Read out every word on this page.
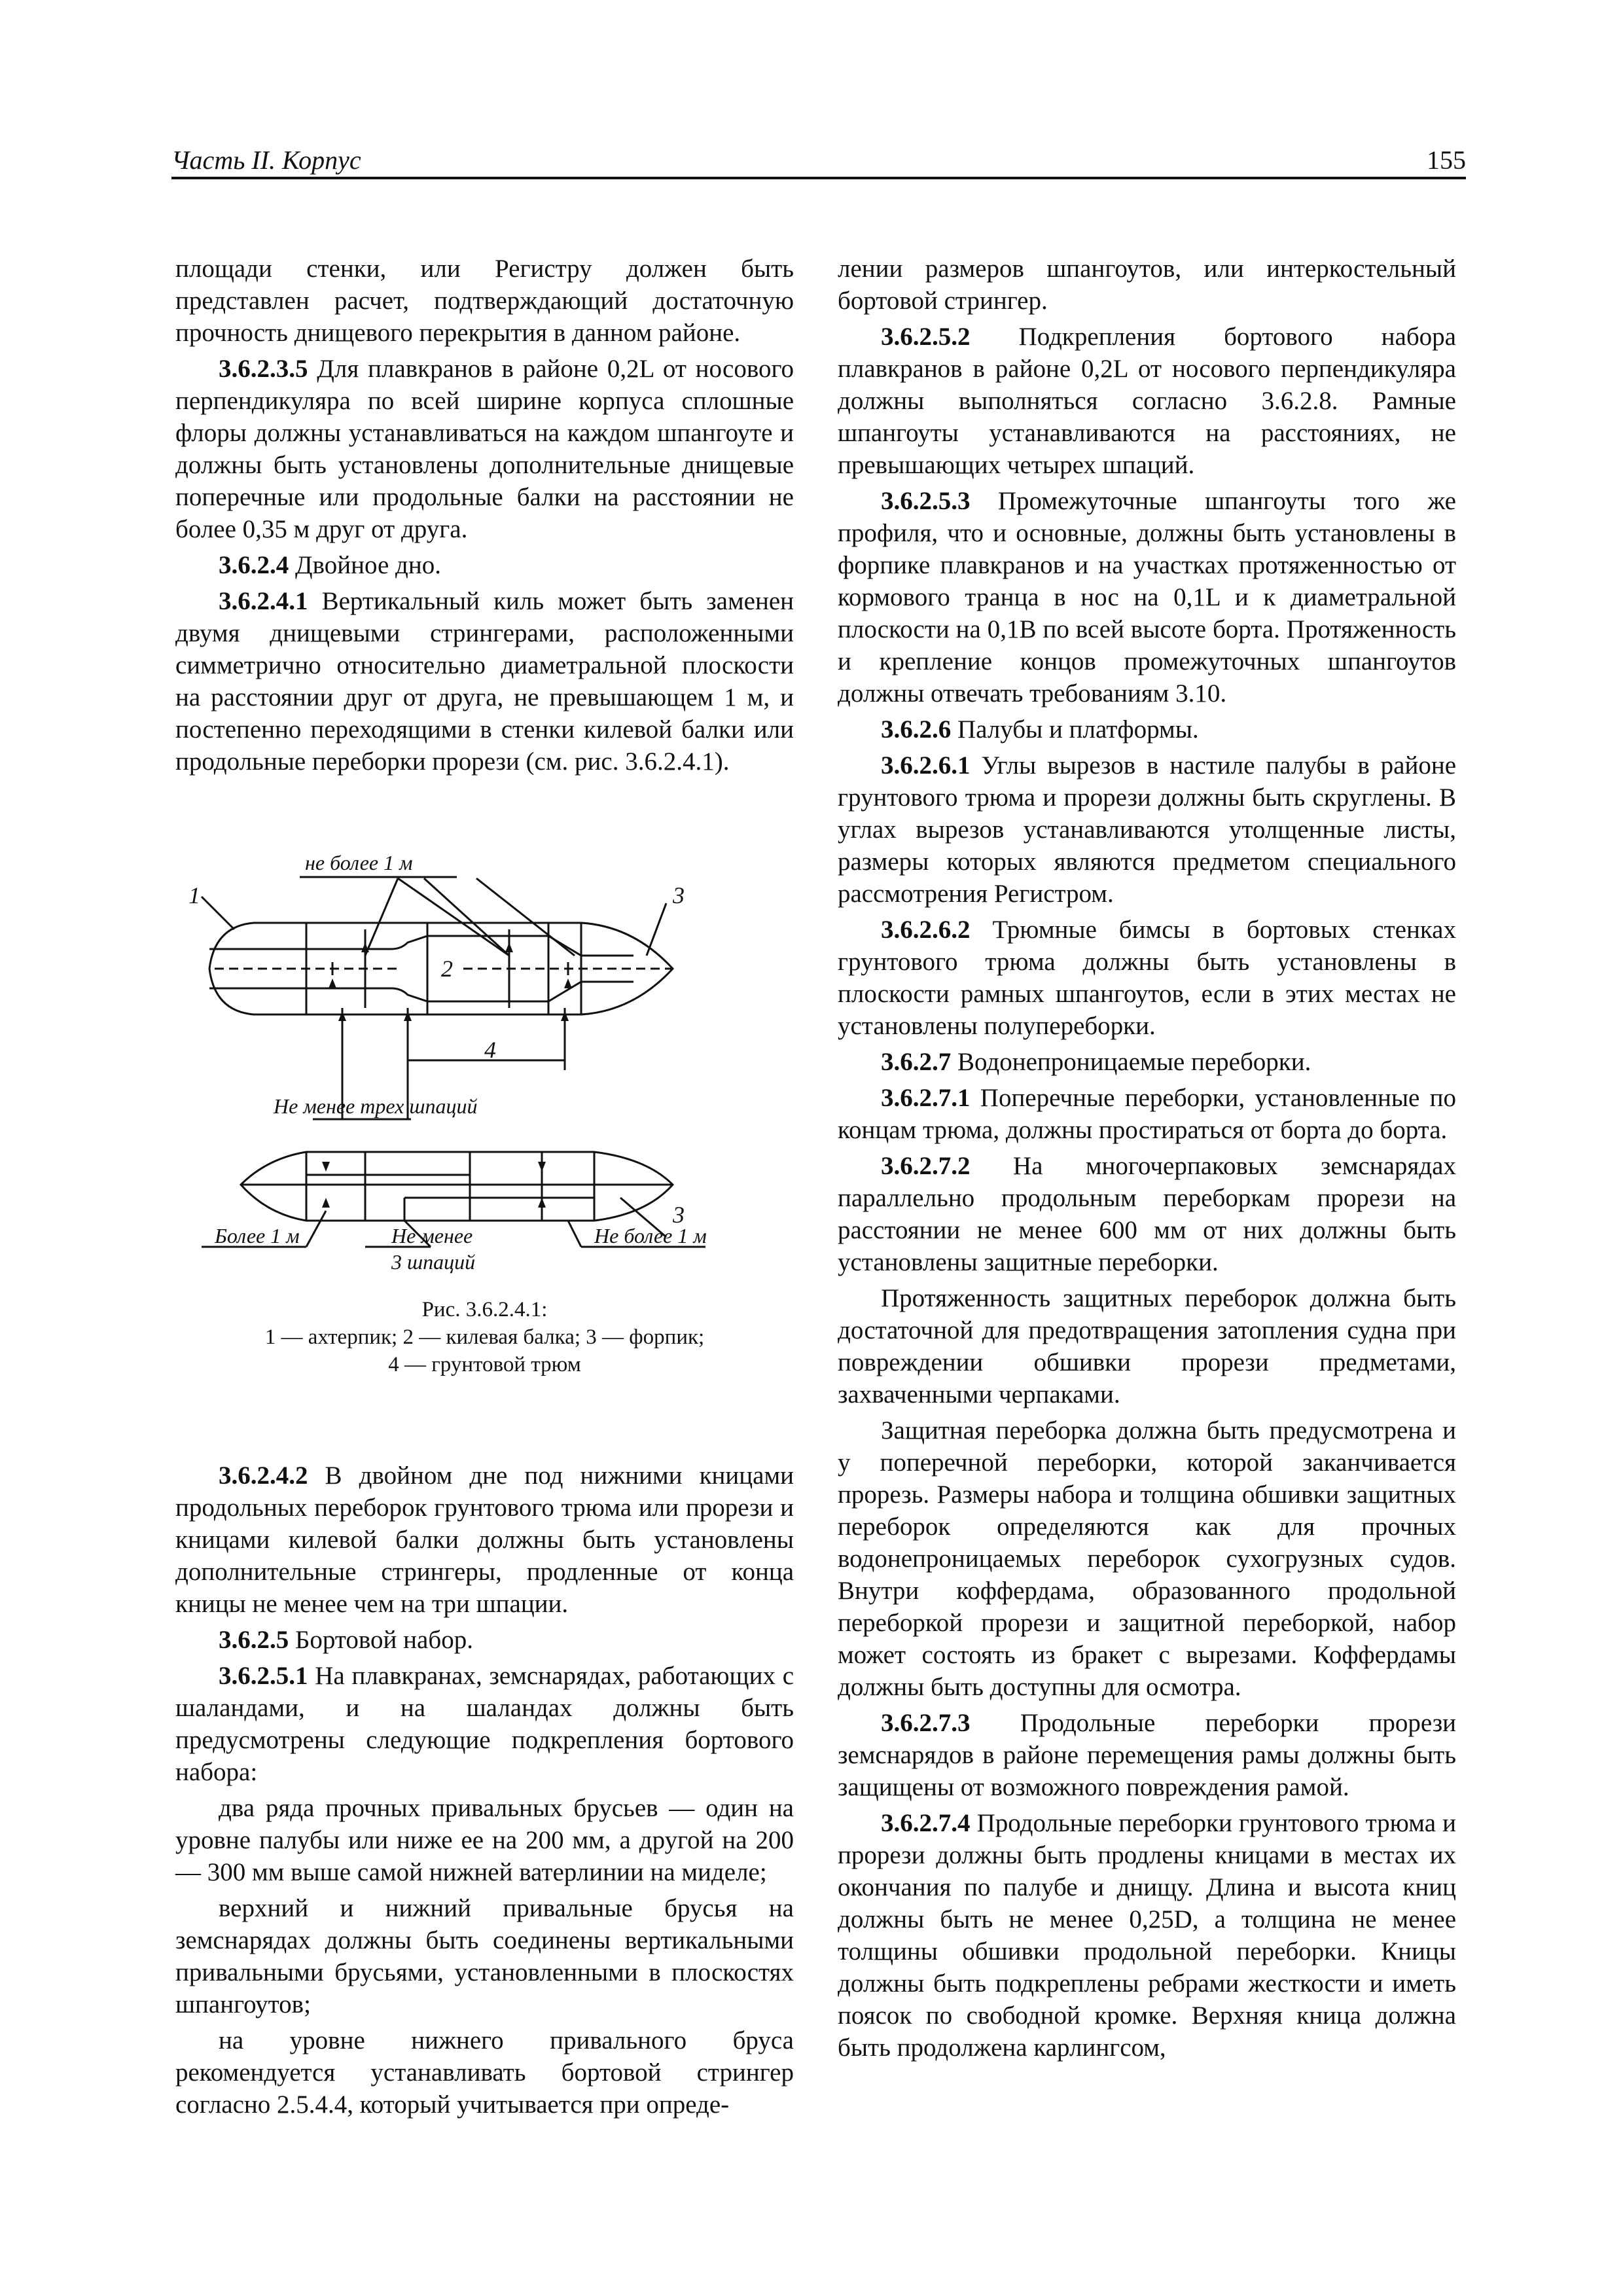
Часть II. Корпус	155

площади стенки, или Регистру должен быть представлен расчет, подтверждающий достаточную прочность днищевого перекрытия в данном районе.

3.6.2.3.5 Для плавкранов в районе 0,2L от носового перпендикуляра по всей ширине корпуса сплошные флоры должны устанавливаться на каждом шпангоуте и должны быть установлены дополнительные днищевые поперечные или продольные балки на расстоянии не более 0,35 м друг от друга.

3.6.2.4 Двойное дно.

3.6.2.4.1 Вертикальный киль может быть заменен двумя днищевыми стрингерами, расположенными симметрично относительно диаметральной плоскости на расстоянии друг от друга, не превышающем 1 м, и постепенно переходящими в стенки килевой балки или продольные переборки прорези (см. рис. 3.6.2.4.1).

не более 1 м
1	3
2
4
Не менее трех шпаций
Более 1 м	Не менее
3 шпаций
Не более 1 м
3
Рис. 3.6.2.4.1:
1 — ахтерпик; 2 — килевая балка; 3 — форпик;
4 — грунтовой трюм

3.6.2.4.2 В двойном дне под нижними кницами продольных переборок грунтового трюма или прорези и кницами килевой балки должны быть установлены дополнительные стрингеры, продленные от конца кницы не менее чем на три шпации.

3.6.2.5 Бортовой набор.

3.6.2.5.1 На плавкранах, земснарядах, работающих с шаландами, и на шаландах должны быть предусмотрены следующие подкрепления бортового набора:

два ряда прочных привальных брусьев — один на уровне палубы или ниже ее на 200 мм, а другой на 200 — 300 мм выше самой нижней ватерлинии на миделе;

верхний и нижний привальные брусья на земснарядах должны быть соединены вертикальными привальными брусьями, установленными в плоскостях шпангоутов;

на уровне нижнего привального бруса рекомендуется устанавливать бортовой стрингер согласно 2.5.4.4, который учитывается при опреде-

лении размеров шпангоутов, или интеркостельный бортовой стрингер.

3.6.2.5.2 Подкрепления бортового набора плавкранов в районе 0,2L от носового перпендикуляра должны выполняться согласно 3.6.2.8. Рамные шпангоуты устанавливаются на расстояниях, не превышающих четырех шпаций.

3.6.2.5.3 Промежуточные шпангоуты того же профиля, что и основные, должны быть установлены в форпике плавкранов и на участках протяженностью от кормового транца в нос на 0,1L и к диаметральной плоскости на 0,1B по всей высоте борта. Протяженность и крепление концов промежуточных шпангоутов должны отвечать требованиям 3.10.

3.6.2.6 Палубы и платформы.

3.6.2.6.1 Углы вырезов в настиле палубы в районе грунтового трюма и прорези должны быть скруглены. В углах вырезов устанавливаются утолщенные листы, размеры которых являются предметом специального рассмотрения Регистром.

3.6.2.6.2 Трюмные бимсы в бортовых стенках грунтового трюма должны быть установлены в плоскости рамных шпангоутов, если в этих местах не установлены полупереборки.

3.6.2.7 Водонепроницаемые переборки.

3.6.2.7.1 Поперечные переборки, установленные по концам трюма, должны простираться от борта до борта.

3.6.2.7.2 На многочерпаковых земснарядах параллельно продольным переборкам прорези на расстоянии не менее 600 мм от них должны быть установлены защитные переборки.

Протяженность защитных переборок должна быть достаточной для предотвращения затопления судна при повреждении обшивки прорези предметами, захваченными черпаками.

Защитная переборка должна быть предусмотрена и у поперечной переборки, которой заканчивается прорезь. Размеры набора и толщина обшивки защитных переборок определяются как для прочных водонепроницаемых переборок сухогрузных судов. Внутри коффердама, образованного продольной переборкой прорези и защитной переборкой, набор может состоять из бракет с вырезами. Коффердамы должны быть доступны для осмотра.

3.6.2.7.3 Продольные переборки прорези земснарядов в районе перемещения рамы должны быть защищены от возможного повреждения рамой.

3.6.2.7.4 Продольные переборки грунтового трюма и прорези должны быть продлены кницами в местах их окончания по палубе и днищу. Длина и высота книц должны быть не менее 0,25D, а толщина не менее толщины обшивки продольной переборки. Кницы должны быть подкреплены ребрами жесткости и иметь поясок по свободной кромке. Верхняя кница должна быть продолжена карлингсом,
